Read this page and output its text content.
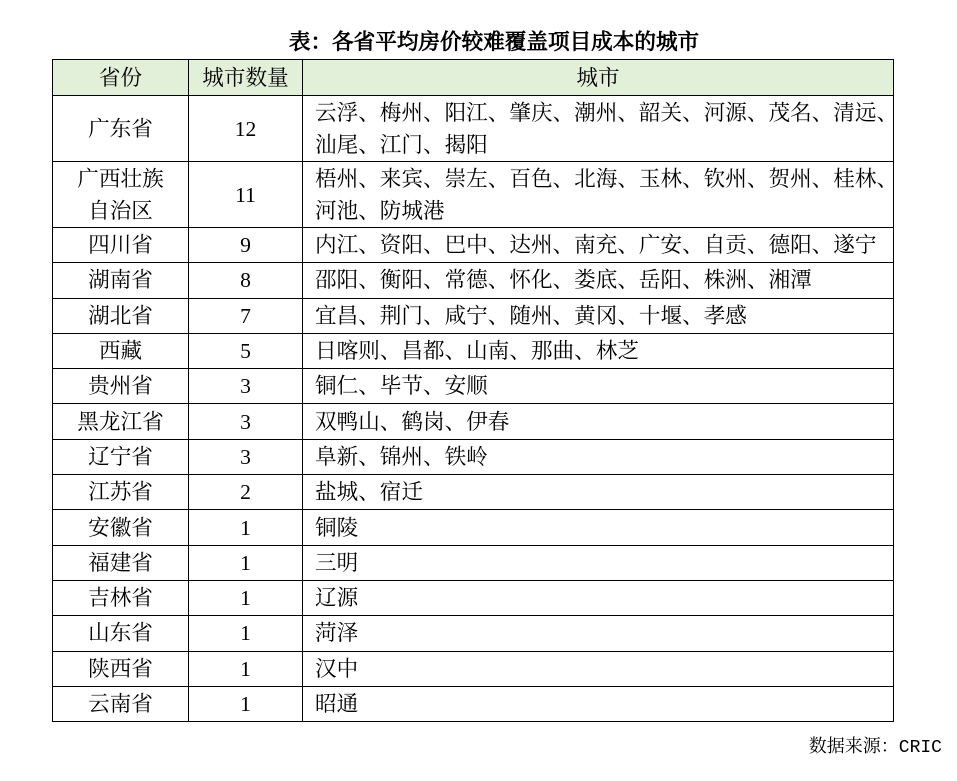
表：各省平均房价较难覆盖项目成本的城市
省份	城市数量	城市
广东省	12	云浮、梅州、阳江、肇庆、潮州、韶关、河源、茂名、清远、
汕尾、江门、揭阳

广西壮族
自治区	11	梧州、来宾、崇左、百色、北海、玉林、钦州、贺州、桂林、
河池、防城港

四川省	9	内江、资阳、巴中、达州、南充、广安、自贡、德阳、遂宁
湖南省	8	邵阳、衡阳、常德、怀化、娄底、岳阳、株洲、湘潭
湖北省	7	宜昌、荆门、咸宁、随州、黄冈、十堰、孝感
西藏	5	日喀则、昌都、山南、那曲、林芝
贵州省	3	铜仁、毕节、安顺
黑龙江省	3	双鸭山、鹤岗、伊春
辽宁省	3	阜新、锦州、铁岭
江苏省	2	盐城、宿迁
安徽省	1	铜陵
福建省	1	三明
吉林省	1	辽源
山东省	1	菏泽
陕西省	1	汉中
云南省	1	昭通
数据来源：CRIC
